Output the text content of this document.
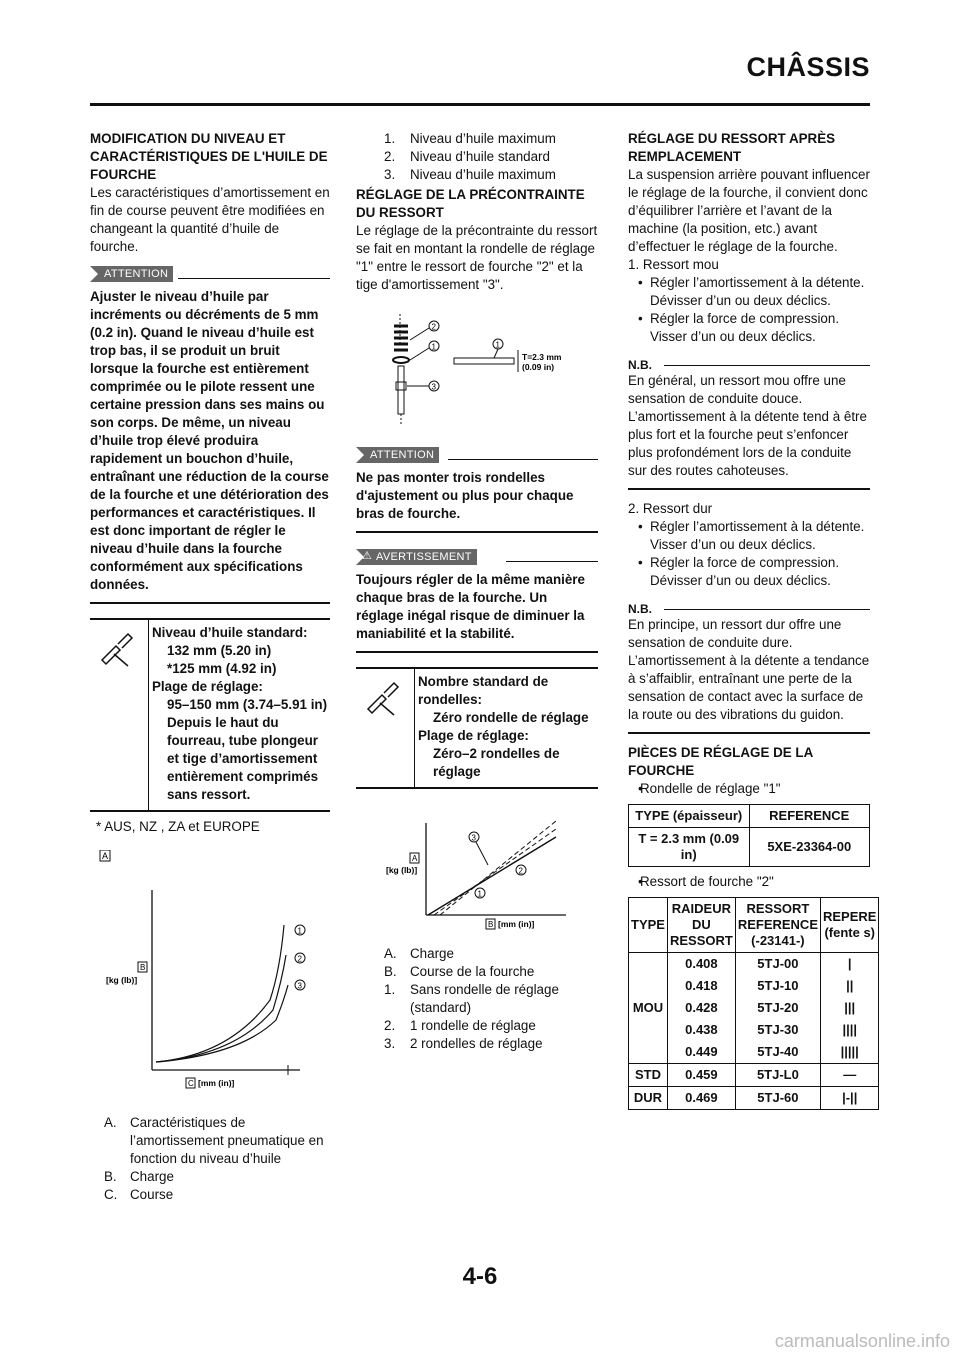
CHÂSSIS

MODIFICATION DU NIVEAU ET CARACTÉRISTIQUES DE L'HUILE DE FOURCHE

Les caractéristiques d’amortissement en fin de course peuvent être modifiées en changeant la quantité d’huile de fourche.

ATTENTION

Ajuster le niveau d’huile par incréments ou décréments de 5 mm (0.2 in). Quand le niveau d’huile est trop bas, il se produit un bruit lorsque la fourche est entièrement comprimée ou le pilote ressent une certaine pression dans ses mains ou son corps. De même, un niveau d’huile trop élevé produira rapidement un bouchon d’huile, entraînant une réduction de la course de la fourche et une détérioration des performances et caractéristiques. Il est donc important de régler le niveau d’huile dans la fourche conformément aux spécifications données.

Niveau d’huile standard:
132 mm (5.20 in)
*125 mm (4.92 in)
Plage de réglage:
95–150 mm (3.74–5.91 in)
Depuis le haut du fourreau, tube plongeur et tige d’amortissement entièrement comprimés sans ressort.

* AUS, NZ , ZA et EUROPE

A
1
2
3
B
[kg (lb)]
C [mm (in)]
A. Caractéristiques de l’amortissement pneumatique en fonction du niveau d’huile
B. Charge
C. Course
1. Niveau d’huile maximum
2. Niveau d’huile standard
3. Niveau d’huile maximum

RÉGLAGE DE LA PRÉCONTRAINTE DU RESSORT

Le réglage de la précontrainte du ressort se fait en montant la rondelle de réglage "1" entre le ressort de fourche "2" et la tige d'amortissement "3".

2
1
3
1
T=2.3 mm
(0.09 in)
ATTENTION

Ne pas monter trois rondelles d'ajustement ou plus pour chaque bras de fourche.

⚠ AVERTISSEMENT

Toujours régler de la même manière chaque bras de la fourche. Un réglage inégal risque de diminuer la maniabilité et la stabilité.

Nombre standard de rondelles:
Zéro rondelle de réglage
Plage de réglage:
Zéro–2 rondelles de réglage
3
2
1
A
[kg (lb)]
B [mm (in)]
A. Charge
B. Course de la fourche
1. Sans rondelle de réglage (standard)
2. 1 rondelle de réglage
3. 2 rondelles de réglage

RÉGLAGE DU RESSORT APRÈS REMPLACEMENT

La suspension arrière pouvant influencer le réglage de la fourche, il convient donc d’équilibrer l’arrière et l’avant de la machine (la position, etc.) avant d’effectuer le réglage de la fourche.

1. Ressort mou

• Régler l’amortissement à la détente.
Dévisser d’un ou deux déclics.
• Régler la force de compression.
Visser d’un ou deux déclics.
N.B.

En général, un ressort mou offre une sensation de conduite douce. L’amortissement à la détente tend à être plus fort et la fourche peut s’enfoncer plus profondément lors de la conduite sur des routes cahoteuses.

2. Ressort dur

• Régler l’amortissement à la détente.
Visser d’un ou deux déclics.
• Régler la force de compression.
Dévisser d’un ou deux déclics.
N.B.

En principe, un ressort dur offre une sensation de conduite dure. L’amortissement à la détente a tendance à s’affaiblir, entraînant une perte de la sensation de contact avec la surface de la route ou des vibrations du guidon.

PIÈCES DE RÉGLAGE DE LA FOURCHE

• Rondelle de réglage "1"
TYPE (épaisseur)	REFERENCE
T = 2.3 mm (0.09 in)	5XE-23364-00
• Ressort de fourche "2"
TYPE	RAIDEUR DU RESSORT	RESSORT REFERENCE (-23141-)	REPERE (fente s)
MOU	0.408	5TJ-00	|
	0.418	5TJ-10	||
	0.428	5TJ-20	|||
	0.438	5TJ-30	||||
	0.449	5TJ-40	|||||
STD	0.459	5TJ-L0	—
DUR	0.469	5TJ-60	|-||
4-6
carmanualsonline.info
